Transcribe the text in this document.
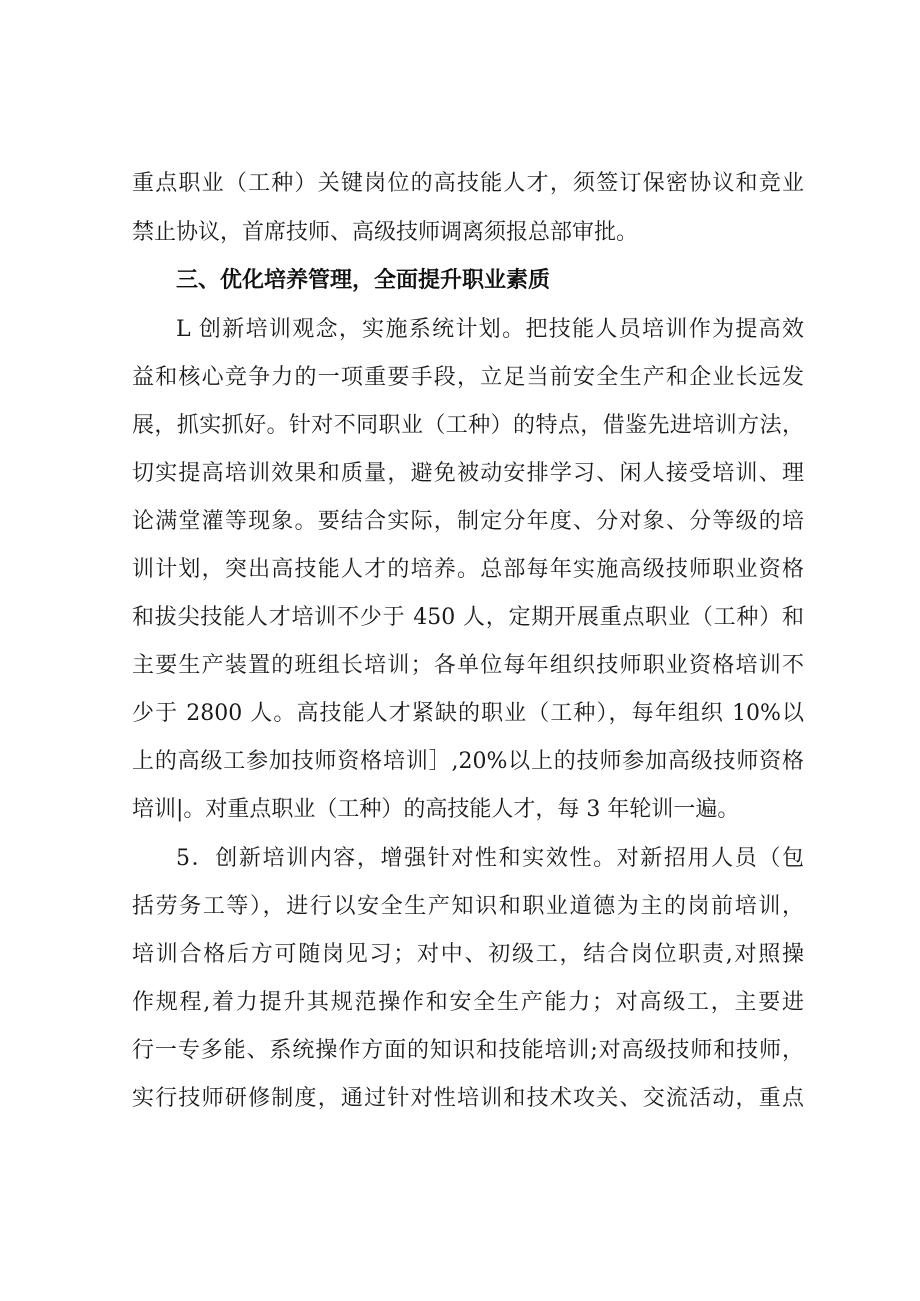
重点职业（工种）关键岗位的高技能人才，须签订保密协议和竞业
禁止协议，首席技师、高级技师调离须报总部审批。
三、优化培养管理，全面提升职业素质
L 创新培训观念，实施系统计划。把技能人员培训作为提高效
益和核心竞争力的一项重要手段，立足当前安全生产和企业长远发
展，抓实抓好。针对不同职业（工种）的特点，借鉴先进培训方法，
切实提高培训效果和质量，避免被动安排学习、闲人接受培训、理
论满堂灌等现象。要结合实际，制定分年度、分对象、分等级的培
训计划，突出高技能人才的培养。总部每年实施高级技师职业资格
和拔尖技能人才培训不少于 450 人，定期开展重点职业（工种）和
主要生产装置的班组长培训；各单位每年组织技师职业资格培训不
少于 2800 人。高技能人才紧缺的职业（工种），每年组织 10%以
上的高级工参加技师资格培训］,20%以上的技师参加高级技师资格
培训|。对重点职业（工种）的高技能人才，每 3 年轮训一遍。
5．创新培训内容，增强针对性和实效性。对新招用人员（包
括劳务工等），进行以安全生产知识和职业道德为主的岗前培训，
培训合格后方可随岗见习；对中、初级工，结合岗位职责,对照操
作规程,着力提升其规范操作和安全生产能力；对高级工，主要进
行一专多能、系统操作方面的知识和技能培训;对高级技师和技师，
实行技师研修制度，通过针对性培训和技术攻关、交流活动，重点
